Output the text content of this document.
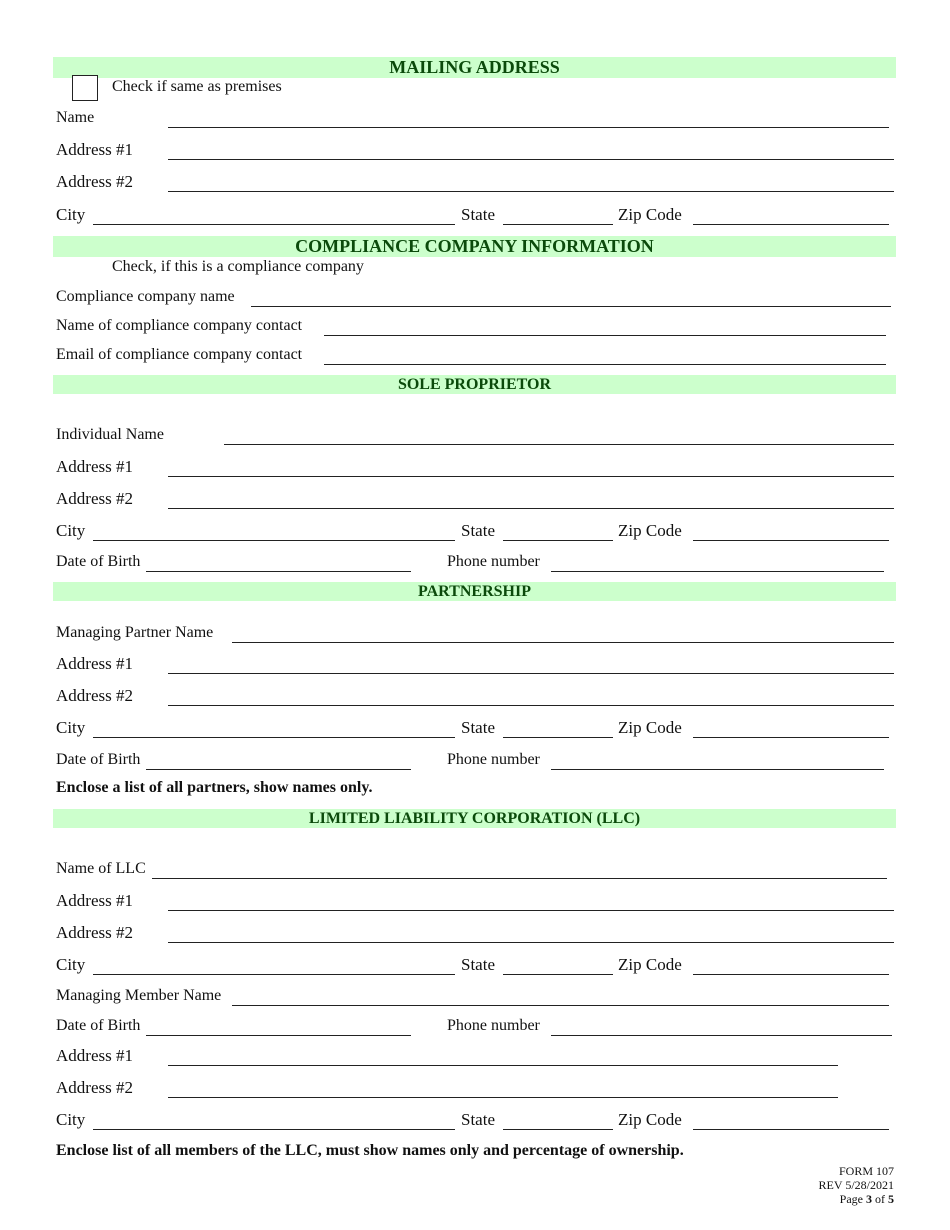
MAILING ADDRESS
Check if same as premises
Name
Address #1
Address #2
City	State	Zip Code
COMPLIANCE COMPANY INFORMATION
Check, if this is a compliance company
Compliance company name
Name of compliance company contact
Email of compliance company contact
SOLE PROPRIETOR
Individual Name
Address #1
Address #2
City	State	Zip Code
Date of Birth	Phone number
PARTNERSHIP
Managing Partner Name
Address #1
Address #2
City	State	Zip Code
Date of Birth	Phone number
Enclose a list of all partners, show names only.
LIMITED LIABILITY CORPORATION (LLC)
Name of LLC
Address #1
Address #2
City	State	Zip Code
Managing Member Name
Date of Birth	Phone number
Address #1
Address #2
City	State	Zip Code
Enclose list of all members of the LLC, must show names only and percentage of ownership.
FORM 107
REV 5/28/2021
Page 3 of 5
